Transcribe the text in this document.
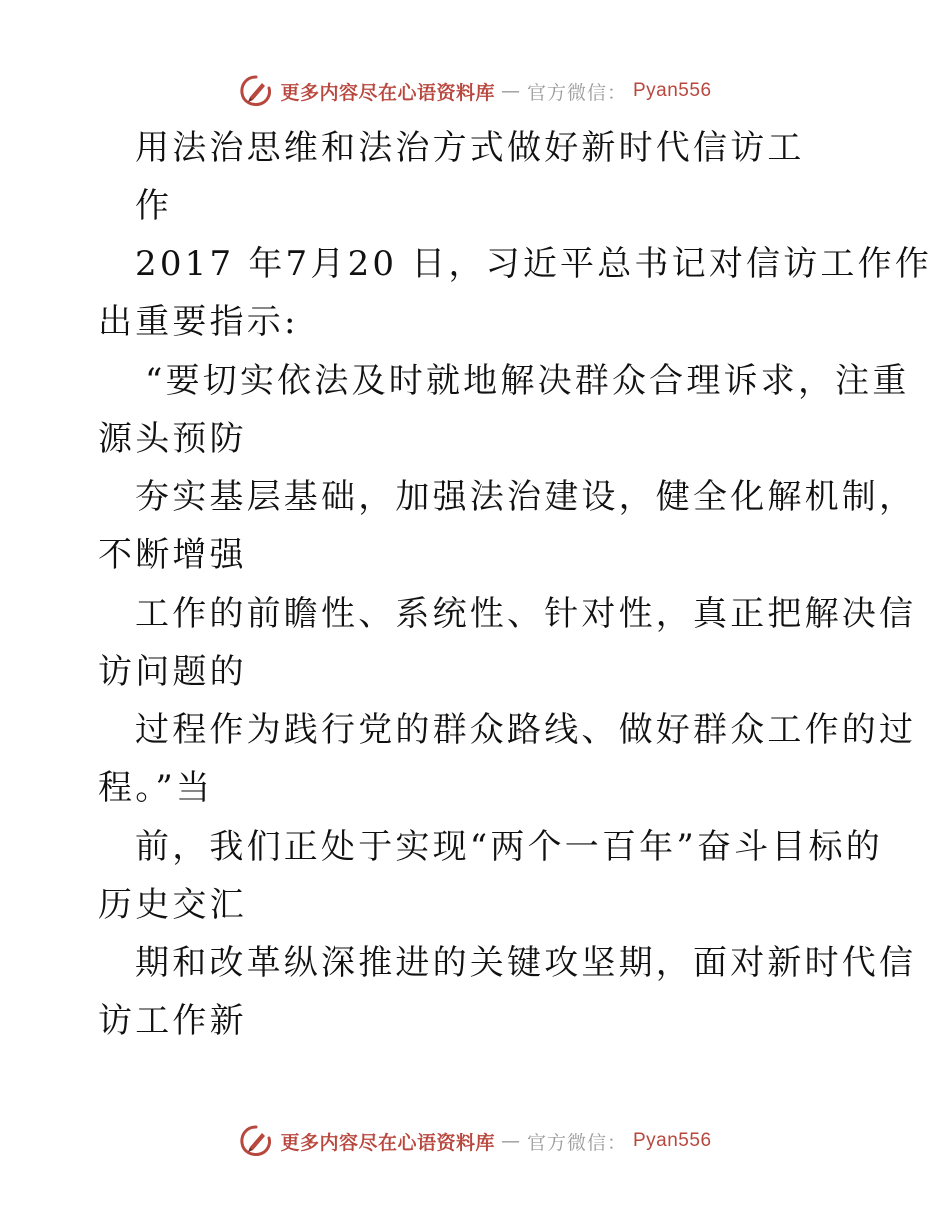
更多内容尽在心语资料库 — 官方微信： Pyan556
用法治思维和法治方式做好新时代信访工
作
2017 年7月20 日，习近平总书记对信访工作作
出重要指示:
“要切实依法及时就地解决群众合理诉求，注重
源头预防
夯实基层基础，加强法治建设，健全化解机制，
不断增强
工作的前瞻性、系统性、针对性，真正把解决信
访问题的
过程作为践行党的群众路线、做好群众工作的过
程。”当
前，我们正处于实现“两个一百年”奋斗目标的
历史交汇
期和改革纵深推进的关键攻坚期，面对新时代信
访工作新
更多内容尽在心语资料库 — 官方微信： Pyan556
